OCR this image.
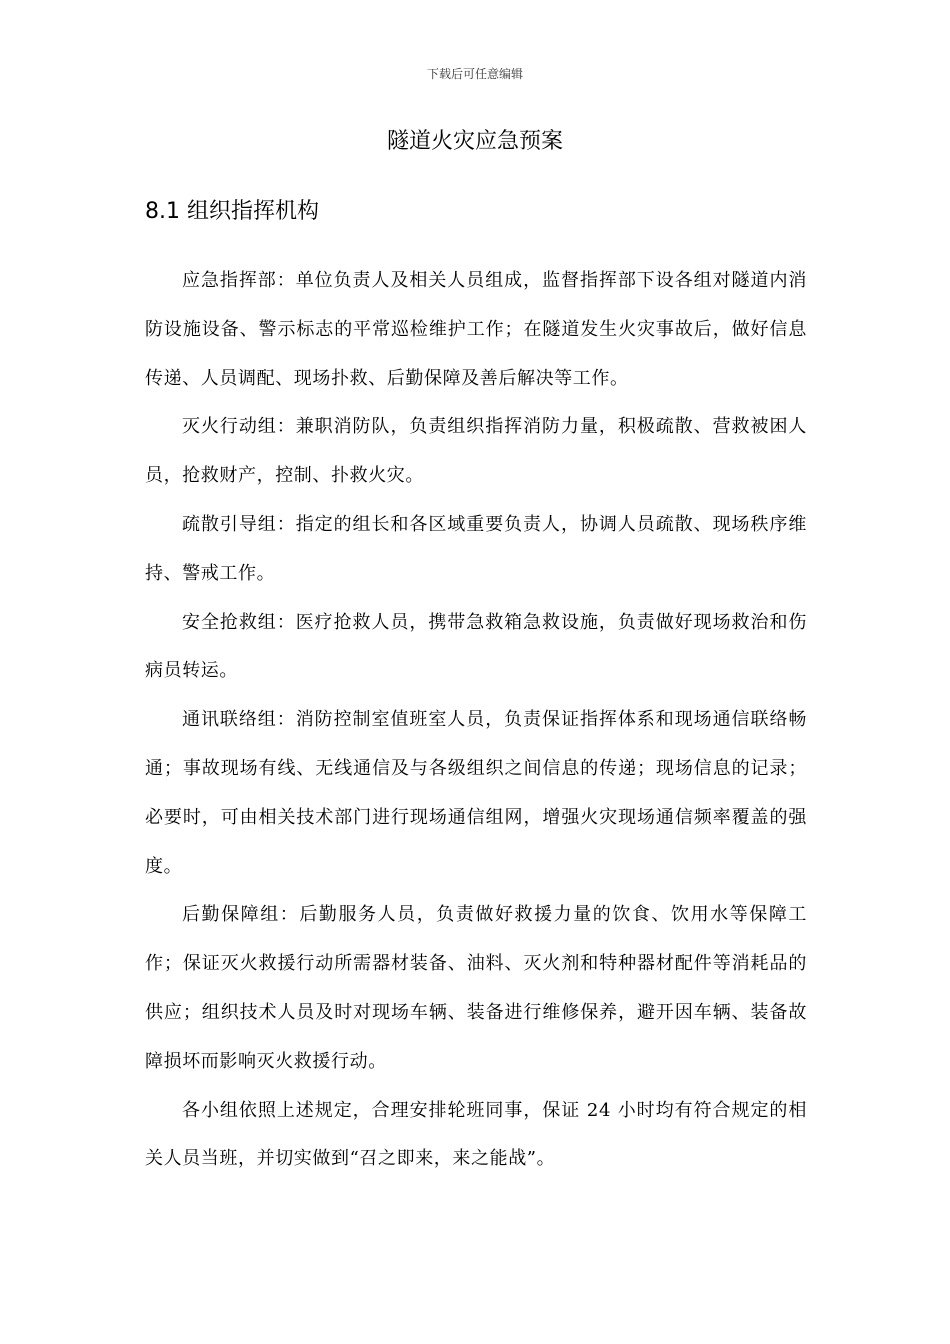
下载后可任意编辑
隧道火灾应急预案
8.1 组织指挥机构

应急指挥部：单位负责人及相关人员组成，监督指挥部下设各组对隧道内消防设施设备、警示标志的平常巡检维护工作；在隧道发生火灾事故后，做好信息传递、人员调配、现场扑救、后勤保障及善后解决等工作。

灭火行动组：兼职消防队，负责组织指挥消防力量，积极疏散、营救被困人员，抢救财产，控制、扑救火灾。

疏散引导组：指定的组长和各区域重要负责人，协调人员疏散、现场秩序维持、警戒工作。

安全抢救组：医疗抢救人员，携带急救箱急救设施，负责做好现场救治和伤病员转运。

通讯联络组：消防控制室值班室人员，负责保证指挥体系和现场通信联络畅通；事故现场有线、无线通信及与各级组织之间信息的传递；现场信息的记录；必要时，可由相关技术部门进行现场通信组网，增强火灾现场通信频率覆盖的强度。

后勤保障组：后勤服务人员，负责做好救援力量的饮食、饮用水等保障工作；保证灭火救援行动所需器材装备、油料、灭火剂和特种器材配件等消耗品的供应；组织技术人员及时对现场车辆、装备进行维修保养，避开因车辆、装备故障损坏而影响灭火救援行动。

各小组依照上述规定，合理安排轮班同事，保证 24 小时均有符合规定的相关人员当班，并切实做到“召之即来，来之能战”。
